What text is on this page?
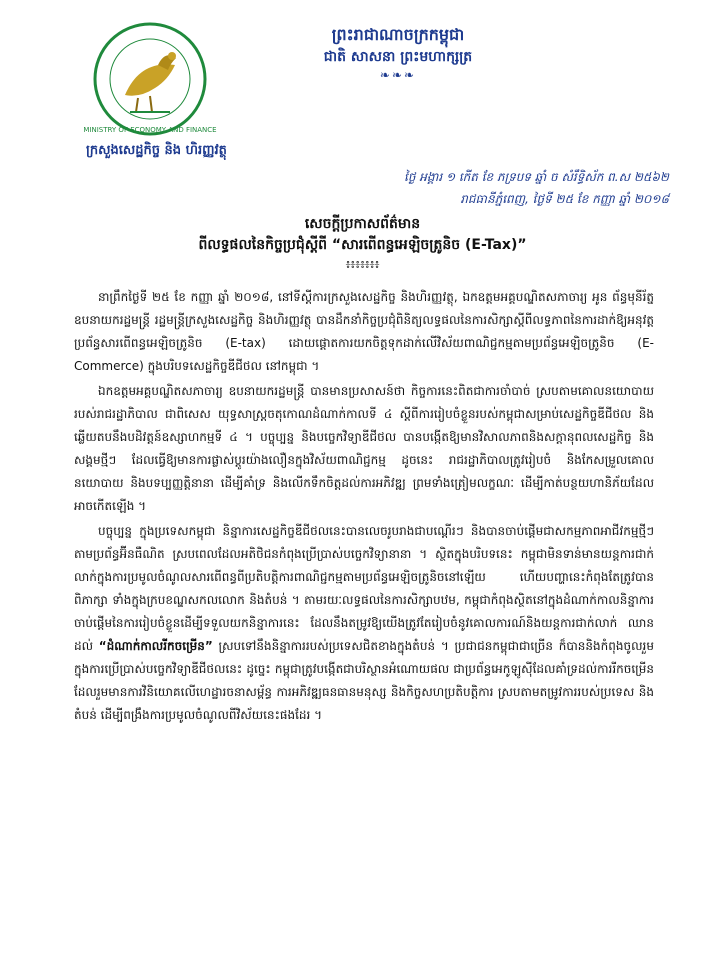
MINISTRY OF ECONOMY AND FINANCE
ក្រសួងសេដ្ឋកិច្ច និង ហិរញ្ញវត្ថុ
ព្រះរាជាណាចក្រកម្ពុជា
ជាតិ សាសនា ព្រះមហាក្សត្រ
❧❧❧
ថ្ងៃ អង្គារ ១ កើត ខែ ភទ្របទ ឆ្នាំ ច សំរឹទ្ធិស័ក ព.ស ២៥៦២
រាជធានីភ្នំពេញ, ថ្ងៃទី ២៥ ខែ កញ្ញា ឆ្នាំ ២០១៨
សេចក្តីប្រកាសព័ត៌មាន
ពីលទ្ធផលនៃកិច្ចប្រជុំស្តីពី “សារពើពន្ធអេឡិចត្រូនិច (E-Tax)”
៖៖៖៖៖៖៖

នាព្រឹកថ្ងៃទី ២៥ ខែ កញ្ញា ឆ្នាំ ២០១៨, នៅទីស្តីការក្រសួងសេដ្ឋកិច្ច និងហិរញ្ញវត្ថុ, ឯកឧត្តមអគ្គបណ្ឌិតសភាចារ្យ អូន ព័ន្ធមុនីរ័ត្ន ឧបនាយករដ្ឋមន្ត្រី រដ្ឋមន្ត្រីក្រសួងសេដ្ឋកិច្ច និងហិរញ្ញវត្ថុ បានដឹកនាំកិច្ចប្រជុំពិនិត្យលទ្ធផលនៃការសិក្សាស្តីពីលទ្ធភាពនៃការដាក់ឱ្យអនុវត្តប្រព័ន្ធសារពើពន្ធអេឡិចត្រូនិច (E-tax) ដោយផ្តោតការយកចិត្តទុកដាក់លើវិស័យពាណិជ្ជកម្មតាមប្រព័ន្ធអេឡិចត្រូនិច (E-Commerce) ក្នុងបរិបទសេដ្ឋកិច្ចឌីជីថល នៅកម្ពុជា ។

ឯកឧត្តមអគ្គបណ្ឌិតសភាចារ្យ ឧបនាយករដ្ឋមន្ត្រី បានមានប្រសាសន៍ថា កិច្ចការនេះពិតជាការចាំបាច់ ស្របតាមគោលនយោបាយរបស់រាជរដ្ឋាភិបាល ជាពិសេស យុទ្ធសាស្ត្រចតុកោណដំណាក់កាលទី ៤ ស្តីពីការរៀបចំខ្លួនរបស់កម្ពុជាសម្រាប់សេដ្ឋកិច្ចឌីជីថល និងឆ្លើយតបនឹងបដិវត្តន៍ឧស្សាហកម្មទី ៤ ។ បច្ចុប្បន្ន និងបច្ចេកវិទ្យាឌីជីថល បានបង្កើតឱ្យមានវិសាលភាពនិងសក្តានុពលសេដ្ឋកិច្ច និងសង្គមថ្មីៗ ដែលធ្វើឱ្យមានការផ្លាស់ប្តូរយ៉ាងលឿនក្នុងវិស័យពាណិជ្ជកម្ម ដូចនេះ រាជរដ្ឋាភិបាលត្រូវរៀបចំ និងកែសម្រួលគោលនយោបាយ និងបទប្បញ្ញត្តិនានា ដើម្បីគាំទ្រ និងលើកទឹកចិត្តដល់ការអភិវឌ្ឍ ព្រមទាំងត្រៀមលក្ខណៈ ដើម្បីកាត់បន្ថយហានិភ័យដែលអាចកើតឡើង ។

បច្ចុប្បន្ន ក្នុងប្រទេសកម្ពុជា និន្នាការសេដ្ឋកិច្ចឌីជីថលនេះបានលេចរូបរាងជាបណ្តើរៗ និងបានចាប់ផ្តើមជាសកម្មភាពអាជីវកម្មថ្មីៗ តាមប្រព័ន្ធអ៊ីនធឺណិត ស្របពេលដែលអតិថិជនកំពុងប្រើប្រាស់បច្ចេកវិទ្យានានា ។ ស្ថិតក្នុងបរិបទនេះ កម្ពុជាមិនទាន់មានយន្តការជាក់លាក់ក្នុងការប្រមូលចំណូលសារពើពន្ធពីប្រតិបត្តិការពាណិជ្ជកម្មតាមប្រព័ន្ធអេឡិចត្រូនិចនៅឡើយ ហើយបញ្ហានេះកំពុងតែត្រូវបានពិភាក្សា ទាំងក្នុងក្របខណ្ឌសកលលោក និងតំបន់ ។ តាមរយៈលទ្ធផលនៃការសិក្សាបឋម, កម្ពុជាកំពុងស្ថិតនៅក្នុងដំណាក់កាលនិន្នាការ ចាប់ផ្តើមនៃការរៀបចំខ្លួនដើម្បីទទួលយកនិន្នាការនេះ ដែលនឹងតម្រូវឱ្យយើងត្រូវតែរៀបចំនូវគោលការណ៍និងយន្តការជាក់លាក់ ឈានដល់ “ដំណាក់កាលរីកចម្រើន” ស្របទៅនឹងនិន្នាការរបស់ប្រទេសជិតខាងក្នុងតំបន់ ។ ប្រជាជនកម្ពុជាជាច្រើន ក៏បាននិងកំពុងចូលរួមក្នុងការប្រើប្រាស់បច្ចេកវិទ្យាឌីជីថលនេះ ដូច្នេះ កម្ពុជាត្រូវបង្កើតជាបរិស្ថានអំណោយផល ជាប្រព័ន្ធអេកូឡូស៊ីដែលគាំទ្រដល់ការរីកចម្រើន ដែលរួមមានការវិនិយោគលើហេដ្ឋារចនាសម្ព័ន្ធ ការអភិវឌ្ឍធនធានមនុស្ស និងកិច្ចសហប្រតិបត្តិការ ស្របតាមតម្រូវការរបស់ប្រទេស និងតំបន់ ដើម្បីពង្រឹងការប្រមូលចំណូលពីវិស័យនេះផងដែរ ។
